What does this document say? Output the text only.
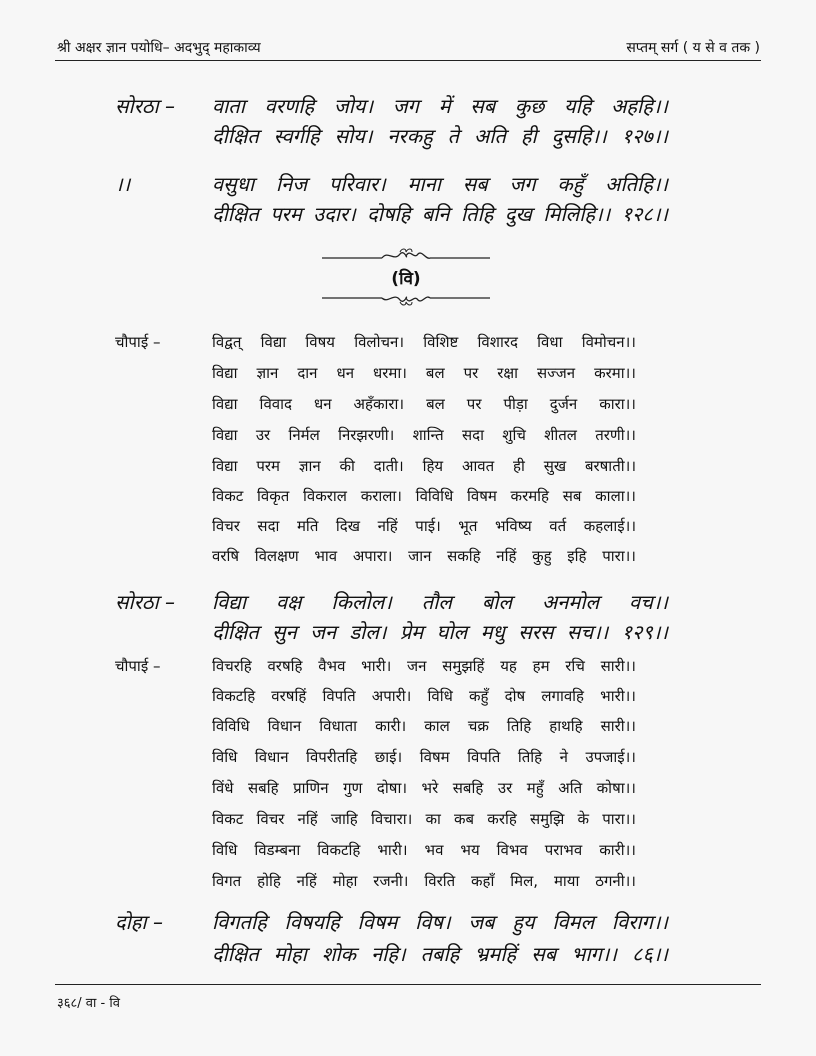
श्री अक्षर ज्ञान पयोधि– अदभुद् महाकाव्य	सप्तम् सर्ग ( य से व तक )
सोरठा – वाता वरणहि जोय। जग में सब कुछ यहि अहहि।।
दीक्षित स्वर्गहि सोय। नरकहु ते अति ही दुसहि।। १२७।।
।।	वसुधा निज परिवार। माना सब जग कहुँ अतिहि।।
दीक्षित परम उदार। दोषहि बनि तिहि दुख मिलिहि।। १२८।।
(वि)
चौपाई –	विद्वत् विद्या विषय विलोचन। विशिष्ट विशारद विधा विमोचन।।
विद्या ज्ञान दान धन धरमा। बल पर रक्षा सज्जन करमा।।
विद्या विवाद धन अहँकारा। बल पर पीड़ा दुर्जन कारा।।
विद्या उर निर्मल निरझरणी। शान्ति सदा शुचि शीतल तरणी।।
विद्या परम ज्ञान की दाती। हिय आवत ही सुख बरषाती।।
विकट विकृत विकराल कराला। विविधि विषम करमहि सब काला।।
विचर सदा मति दिख नहिं पाई। भूत भविष्य वर्त कहलाई।।
वरषि विलक्षण भाव अपारा। जान सकहि नहिं कुहु इहि पारा।।
सोरठा – विद्या वक्ष किलोल। तौल बोल अनमोल वच।।
दीक्षित सुन जन डोल। प्रेम घोल मधु सरस सच।। १२९।।
चौपाई –	विचरहि वरषहि वैभव भारी। जन समुझहिं यह हम रचि सारी।।
विकटहि वरषहिं विपति अपारी। विधि कहुँ दोष लगावहि भारी।।
विविधि विधान विधाता कारी। काल चक्र तिहि हाथहि सारी।।
विधि विधान विपरीतहि छाई। विषम विपति तिहि ने उपजाई।।
विंधे सबहि प्राणिन गुण दोषा। भरे सबहि उर महुँ अति कोषा।।
विकट विचर नहिं जाहि विचारा। का कब करहि समुझि के पारा।।
विधि विडम्बना विकटहि भारी। भव भय विभव पराभव कारी।।
विगत होहि नहिं मोहा रजनी। विरति कहाँ मिल, माया ठगनी।।
दोहा – विगतहि विषयहि विषम विष। जब हुय विमल विराग।।
दीक्षित मोहा शोक नहि। तबहि भ्रमहिं सब भाग।। ८६।।
३६८/ वा - वि
